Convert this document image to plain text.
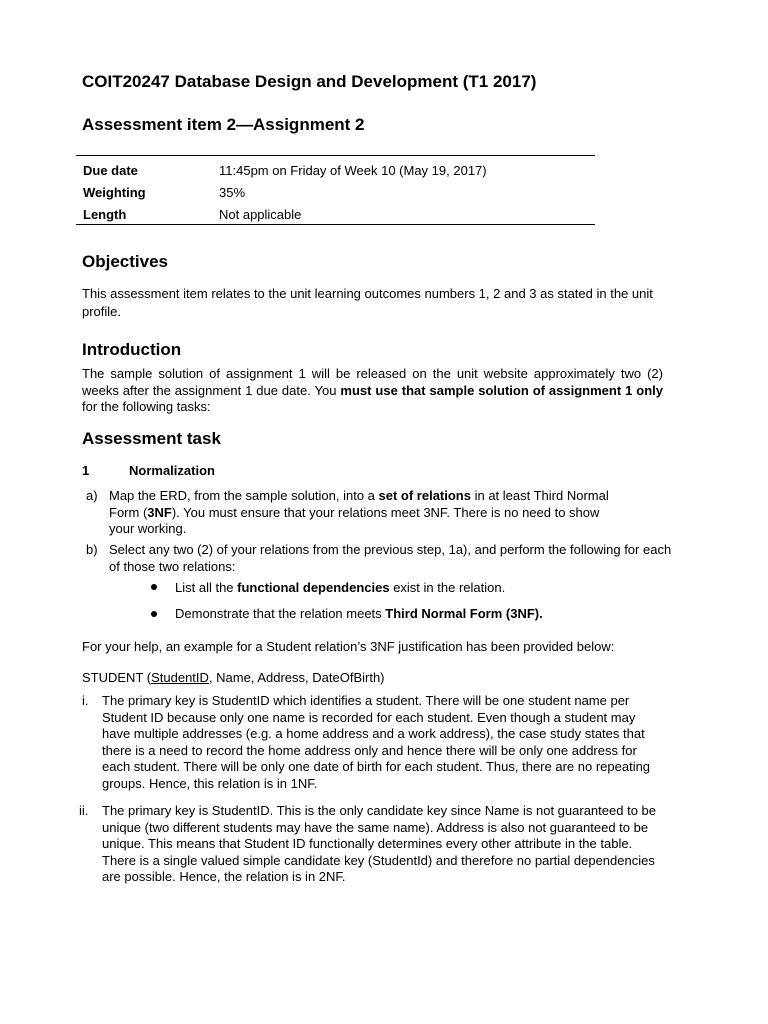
COIT20247 Database Design and Development (T1 2017)
Assessment item 2—Assignment 2
Due date	11:45pm on Friday of Week 10 (May 19, 2017)
Weighting	35%
Length	Not applicable
Objectives
This assessment item relates to the unit learning outcomes numbers 1, 2 and 3 as stated in the unit profile.
Introduction
The sample solution of assignment 1 will be released on the unit website approximately two (2) weeks after the assignment 1 due date. You must use that sample solution of assignment 1 only for the following tasks:
Assessment task
1	Normalization
a) Map the ERD, from the sample solution, into a set of relations in at least Third Normal Form (3NF). You must ensure that your relations meet 3NF. There is no need to show your working.
b) Select any two (2) of your relations from the previous step, 1a), and perform the following for each of those two relations:
List all the functional dependencies exist in the relation.
Demonstrate that the relation meets Third Normal Form (3NF).
For your help, an example for a Student relation’s 3NF justification has been provided below:
STUDENT (StudentID, Name, Address, DateOfBirth)
i. The primary key is StudentID which identifies a student. There will be one student name per Student ID because only one name is recorded for each student. Even though a student may have multiple addresses (e.g. a home address and a work address), the case study states that there is a need to record the home address only and hence there will be only one address for each student. There will be only one date of birth for each student. Thus, there are no repeating groups. Hence, this relation is in 1NF.
ii. The primary key is StudentID. This is the only candidate key since Name is not guaranteed to be unique (two different students may have the same name). Address is also not guaranteed to be unique. This means that Student ID functionally determines every other attribute in the table. There is a single valued simple candidate key (StudentId) and therefore no partial dependencies are possible. Hence, the relation is in 2NF.
